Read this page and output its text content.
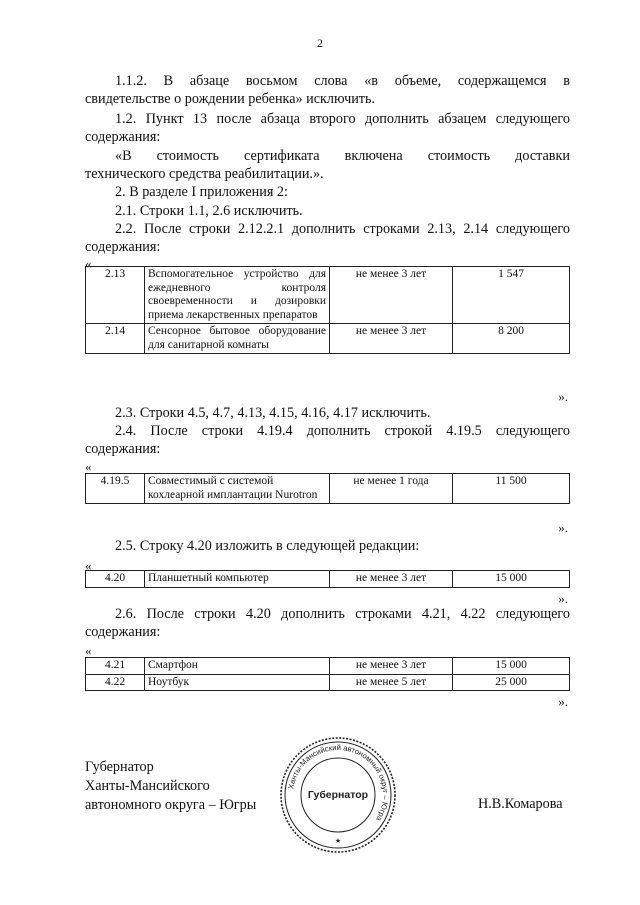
2
1.1.2. В абзаце восьмом слова «в объеме, содержащемся в
свидетельстве о рождении ребенка» исключить.
1.2. Пункт 13 после абзаца второго дополнить абзацем следующего
содержания:
«В стоимость сертификата включена стоимость доставки
технического средства реабилитации.».
2. В разделе I приложения 2:
2.1. Строки 1.1, 2.6 исключить.
2.2. После строки 2.12.2.1 дополнить строками 2.13, 2.14 следующего
содержания:
«
2.13	Вспомогательное устройство для ежедневного контроля своевременности и дозировки приема лекарственных препаратов	не менее 3 лет	1 547
2.14	Сенсорное бытовое оборудование для санитарной комнаты	не менее 3 лет	8 200
».
2.3. Строки 4.5, 4.7, 4.13, 4.15, 4.16, 4.17 исключить.
2.4. После строки 4.19.4 дополнить строкой 4.19.5 следующего
содержания:
«
4.19.5	Совместимый с системой кохлеарной имплантации Nurotron	не менее 1 года	11 500
».
2.5. Строку 4.20 изложить в следующей редакции:
«
4.20	Планшетный компьютер	не менее 3 лет	15 000
».
2.6. После строки 4.20 дополнить строками 4.21, 4.22 следующего
содержания:
«
4.21	Смартфон	не менее 3 лет	15 000
4.22	Ноутбук	не менее 5 лет	25 000
».
Губернатор
Ханты-Мансийского
автономного округа – Югры
Ханты-Мансийский автономный округ – Югра
Губернатор
★
Н.В.Комарова
